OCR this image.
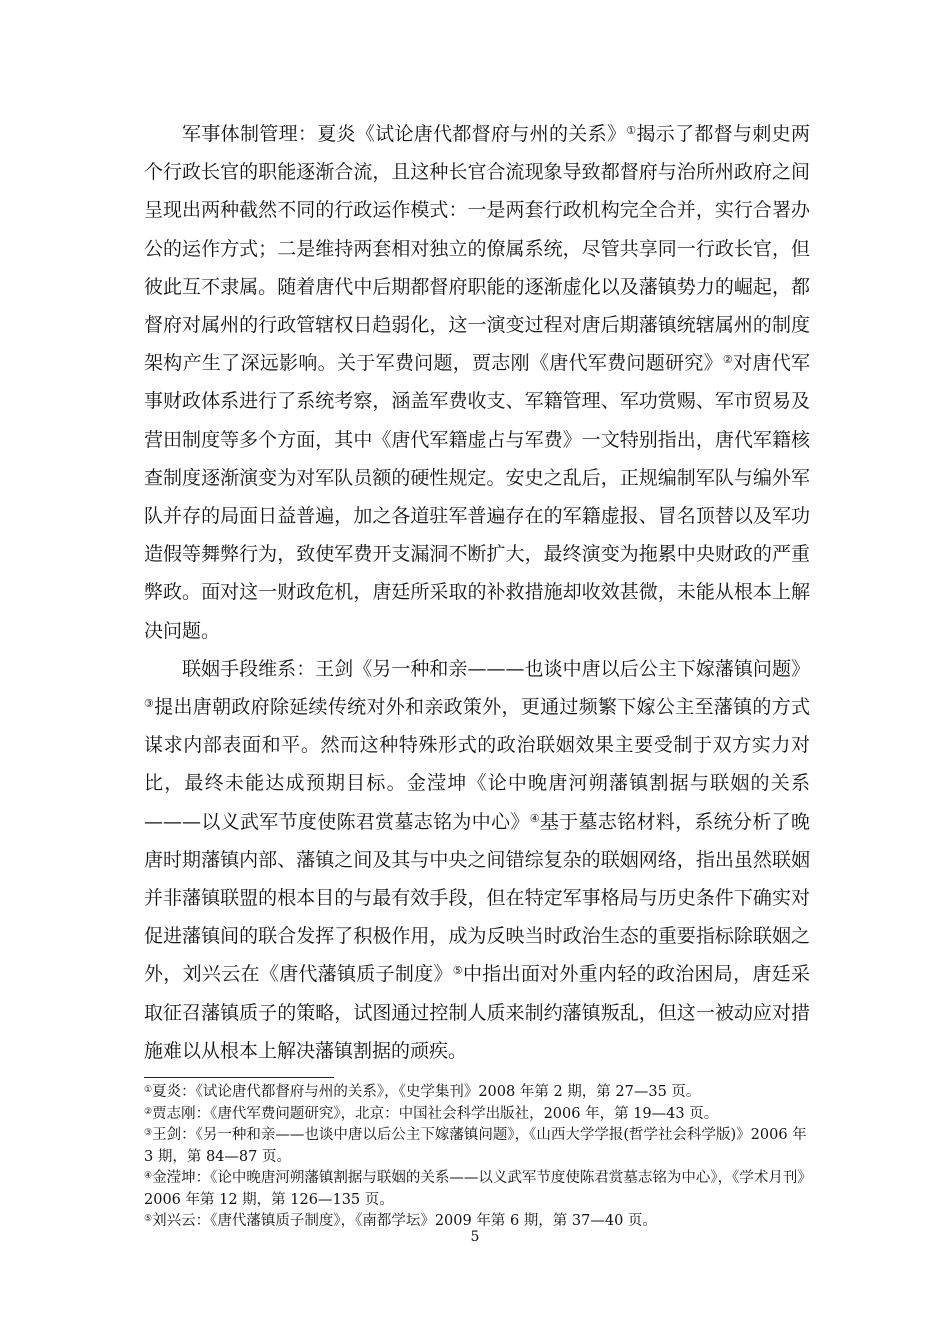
军事体制管理：夏炎《试论唐代都督府与州的关系》①揭示了都督与刺史两个行政长官的职能逐渐合流，且这种长官合流现象导致都督府与治所州政府之间呈现出两种截然不同的行政运作模式：一是两套行政机构完全合并，实行合署办公的运作方式；二是维持两套相对独立的僚属系统，尽管共享同一行政长官，但彼此互不隶属。随着唐代中后期都督府职能的逐渐虚化以及藩镇势力的崛起，都督府对属州的行政管辖权日趋弱化，这一演变过程对唐后期藩镇统辖属州的制度架构产生了深远影响。关于军费问题，贾志刚《唐代军费问题研究》②对唐代军事财政体系进行了系统考察，涵盖军费收支、军籍管理、军功赏赐、军市贸易及营田制度等多个方面，其中《唐代军籍虚占与军费》一文特别指出，唐代军籍核查制度逐渐演变为对军队员额的硬性规定。安史之乱后，正规编制军队与编外军队并存的局面日益普遍，加之各道驻军普遍存在的军籍虚报、冒名顶替以及军功造假等舞弊行为，致使军费开支漏洞不断扩大，最终演变为拖累中央财政的严重弊政。面对这一财政危机，唐廷所采取的补救措施却收效甚微，未能从根本上解决问题。

联姻手段维系：王剑《另一种和亲———也谈中唐以后公主下嫁藩镇问题》③提出唐朝政府除延续传统对外和亲政策外，更通过频繁下嫁公主至藩镇的方式谋求内部表面和平。然而这种特殊形式的政治联姻效果主要受制于双方实力对比，最终未能达成预期目标。金滢坤《论中晚唐河朔藩镇割据与联姻的关系———以义武军节度使陈君赏墓志铭为中心》④基于墓志铭材料，系统分析了晚唐时期藩镇内部、藩镇之间及其与中央之间错综复杂的联姻网络，指出虽然联姻并非藩镇联盟的根本目的与最有效手段，但在特定军事格局与历史条件下确实对促进藩镇间的联合发挥了积极作用，成为反映当时政治生态的重要指标除联姻之外，刘兴云在《唐代藩镇质子制度》⑤中指出面对外重内轻的政治困局，唐廷采取征召藩镇质子的策略，试图通过控制人质来制约藩镇叛乱，但这一被动应对措施难以从根本上解决藩镇割据的顽疾。

①夏炎：《试论唐代都督府与州的关系》，《史学集刊》2008 年第 2 期，第 27—35 页。

②贾志刚：《唐代军费问题研究》，北京：中国社会科学出版社，2006 年，第 19—43 页。

③王剑：《另一种和亲——也谈中唐以后公主下嫁藩镇问题》，《山西大学学报(哲学社会科学版)》2006 年 3 期，第 84—87 页。

④金滢坤：《论中晚唐河朔藩镇割据与联姻的关系——以义武军节度使陈君赏墓志铭为中心》，《学术月刊》2006 年第 12 期，第 126—135 页。

⑤刘兴云：《唐代藩镇质子制度》，《南都学坛》2009 年第 6 期，第 37—40 页。

5
